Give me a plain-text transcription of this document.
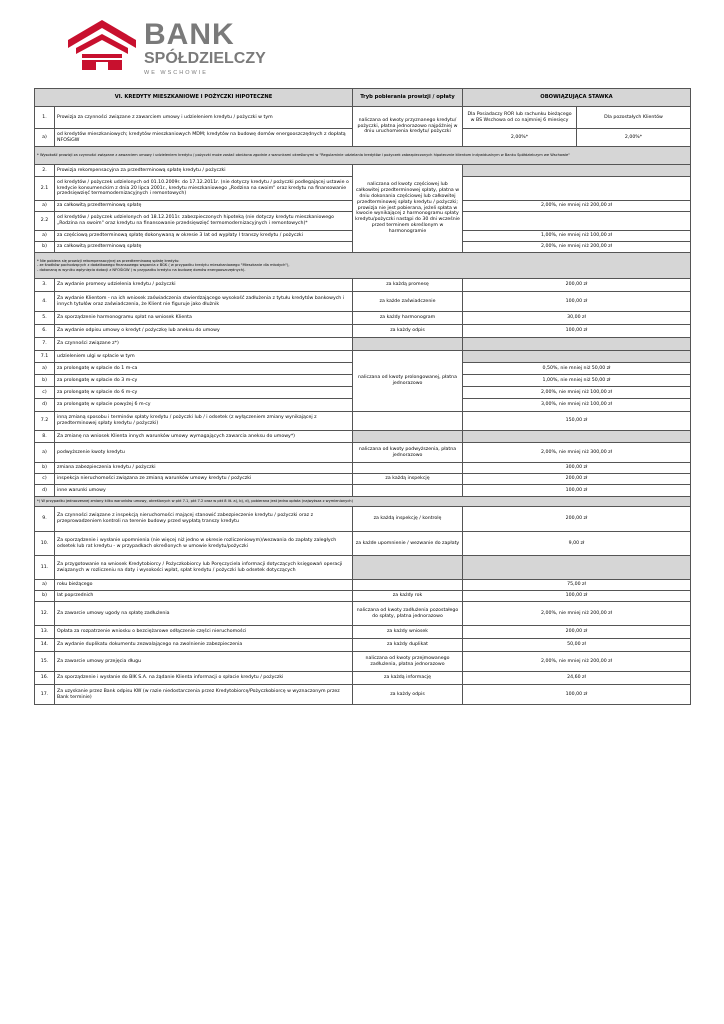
BANK
SPÓŁDZIELCZY
WE WSCHOWIE
VI. KREDYTY MIESZKANIOWE I POŻYCZKI HIPOTECZNE		Tryb pobierania prowizji / opłaty	OBOWIĄZUJĄCA STAWKA	
1.	Prowizja za czynności związane z zawarciem umowy i udzieleniem kredytu / pożyczki w tym	naliczana od kwoty przyznanego kredytu/ pożyczki, płatna jednorazowo najpóźniej w dniu uruchomienia kredytu/ pożyczki	Dla Posiadaczy ROR lub rachunku bieżącego w BS Wschowa od co najmniej 6 miesięcy	Dla pozostałych Klientów
a)	od kredytów mieszkaniowych; kredytów mieszkaniowych MDM; kredytów na budowę domów energooszczędnych z dopłatą NFOŚiGW		2,00%*	2,00%*
* Wysokość prowizji za czynności związane z zawarciem umowy i udzieleniem kredytu / pożyczki może zostać obniżona zgodnie z warunkami określonymi w "Regulaminie udzielania kredytów i pożyczek zabezpieczonych hipotecznie klientom indywidualnym w Banku Spółdzielczym we Wschowie"				
2.	Prowizja rekompensacyjna za przedterminową spłatę kredytu / pożyczki	naliczana od kwoty częściowej lub całkowitej przedterminowej spłaty, płatna w dniu dokonania częściowej lub całkowitej przedterminowej spłaty kredytu / pożyczki; prowizja nie jest pobierana, jeżeli spłata w kwocie wynikającej z harmonogramu spłaty kredytu/pożyczki nastąpi do 30 dni wcześnie przed terminem określonym w harmonogramie		
2.1	od kredytów / pożyczek udzielonych od 01.10.2009r. do 17.12.2011r. (nie dotyczy kredytu / pożyczki podlegającej ustawie o kredycie konsumenckim z dnia 20 lipca 2001r., kredytu mieszkaniowego „Rodzina na swoim" oraz kredytu na finansowanie przedsięwzięć termomodernizacyjnych i remontowych)			
a)	za całkowitą przedterminową spłatę		2,00%, nie mniej niż 200,00 zł	
2.2	od kredytów / pożyczek udzielonych od 18.12.2011r. zabezpieczonych hipoteką (nie dotyczy kredytu mieszkaniowego „Rodzina na swoim" oraz kredytu na finansowanie przedsięwzięć termomodernizacyjnych i remontowych)*			
a)	za częściową przedterminową spłatę dokonywaną w okresie 3 lat od wypłaty I transzy kredytu / pożyczki		1,00%, nie mniej niż 100,00 zł	
b)	za całkowitą przedterminową spłatę		2,00%, nie mniej niż 200,00 zł	

* Nie pobiera się prowizji rekompensacyjnej za przedterminową spłatę kredytu:
- ze środków pochodzących z dodatkowego finansowego wsparcia z BGK ( w przypadku kredytu mieszkaniowego "Mieszkanie dla młodych"),
- dokonaną w wyniku wpłynięcia dotacji z NFOŚiGW ( w przypadku kredytu na budowę domów energooszczędnych).				

3.	Za wydanie promesy udzielenia kredytu / pożyczki	za każdą promesę	200,00 zł	
4.	Za wydanie Klientom - na ich wniosek zaświadczenia stwierdzającego wysokość zadłużenia z tytułu kredytów bankowych i innych tytułów oraz zaświadczenia, że Klient nie figuruje jako dłużnik	za każde zaświadczenie	100,00 zł	
5.	Za sporządzenie harmonogramu spłat na wniosek Klienta	za każdy harmonogram	30,00 zł	
6.	Za wydanie odpisu umowy o kredyt / pożyczkę lub aneksu do umowy	za każdy odpis	100,00 zł	
7.	Za czynności związane z*)			
7.1	udzieleniem ulgi w spłacie w tym	naliczana od kwoty prolongowanej, płatna jednorazowo		
a)	za prolongatę w spłacie do 1 m-ca		0,50%, nie mniej niż 50,00 zł	
b)	za prolongatę w spłacie do 3 m-cy		1,00%, nie mniej niż 50,00 zł	
c)	za prolongatę w spłacie do 6 m-cy		2,00%, nie mniej niż 100,00 zł	
d)	za prolongatę w spłacie powyżej 6 m-cy		3,00%, nie mniej niż 100,00 zł	
7.2	inną zmianą sposobu i terminów spłaty kredytu / pożyczki lub / i odsetek (z wyłączeniem zmiany wynikającej z przedterminowej spłaty kredytu / pożyczki)		150,00 zł	
8.	Za zmianę na wniosek Klienta innych warunków umowy wymagających zawarcia aneksu do umowy*)			
a)	podwyższenie kwoty kredytu	naliczana od kwoty podwyższenia, płatna jednorazowo	2,00%, nie mniej niż 300,00 zł	
b)	zmiana zabezpieczenia kredytu / pożyczki		300,00 zł	
c)	inspekcja nieruchomości związana ze zmianą warunków umowy kredytu / pożyczki	za każdą inspekcję	200,00 zł	
d)	inne warunki umowy		100,00 zł	
*) W przypadku jednoczesnej zmiany kilku warunków umowy, określonych w pkt 7.1, pkt 7.2 oraz w pkt 8 lit. a), b), d), pobierana jest jedna opłata (najwyższa z wymienionych)				
9.	Za czynności związane z inspekcją nieruchomości mającej stanowić zabezpieczenie kredytu / pożyczki oraz z przeprowadzeniem kontroli na terenie budowy przed wypłatą transzy kredytu	za każdą inspekcję / kontrolę	200,00 zł	
10.	Za sporządzenie i wysłanie upomnienia (nie więcej niż jedno w okresie rozliczeniowym)/wezwania do zapłaty zaległych odsetek lub rat kredytu - w przypadkach określonych w umowie kredytu/pożyczki	za każde upomnienie / wezwanie do zapłaty	9,00 zł	
11.	Za przygotowanie na wniosek Kredytobiorcy / Pożyczkobiorcy lub Poręczyciela informacji dotyczących księgowań operacji związanych w rozliczeniu na daty i wysokości wpłat, spłat kredytu / pożyczki lub odsetek dotyczących			
a)	roku bieżącego		75,00 zł	
b)	lat poprzednich	za każdy rok	100,00 zł	
12.	Za zawarcie umowy ugody na spłatę zadłużenia	naliczana od kwoty zadłużenia pozostałego do spłaty, płatna jednorazowo	2,00%, nie mniej niż 200,00 zł	
13.	Opłata za rozpatrzenie wniosku o bezciężarowe odłączenie części nieruchomości	za każdy wniosek	200,00 zł	
14.	Za wydanie duplikatu dokumentu zezwalającego na zwolnienie zabezpieczenia	za każdy duplikat	50,00 zł	
15.	Za zawarcie umowy przejęcia długu	naliczana od kwoty przejmowanego zadłużenia, płatna jednorazowo	2,00%, nie mniej niż 200,00 zł	
16.	Za sporządzenie i wysłanie do BIK S.A. na żądanie Klienta informacji o spłacie kredytu / pożyczki	za każdą informację	24,60 zł	
17.	Za uzyskanie przez Bank odpisu KW (w razie niedostarczenia przez Kredytobiorcę/Pożyczkobiorcę w wyznaczonym przez Bank terminie)	za każdy odpis	100,00 zł	
